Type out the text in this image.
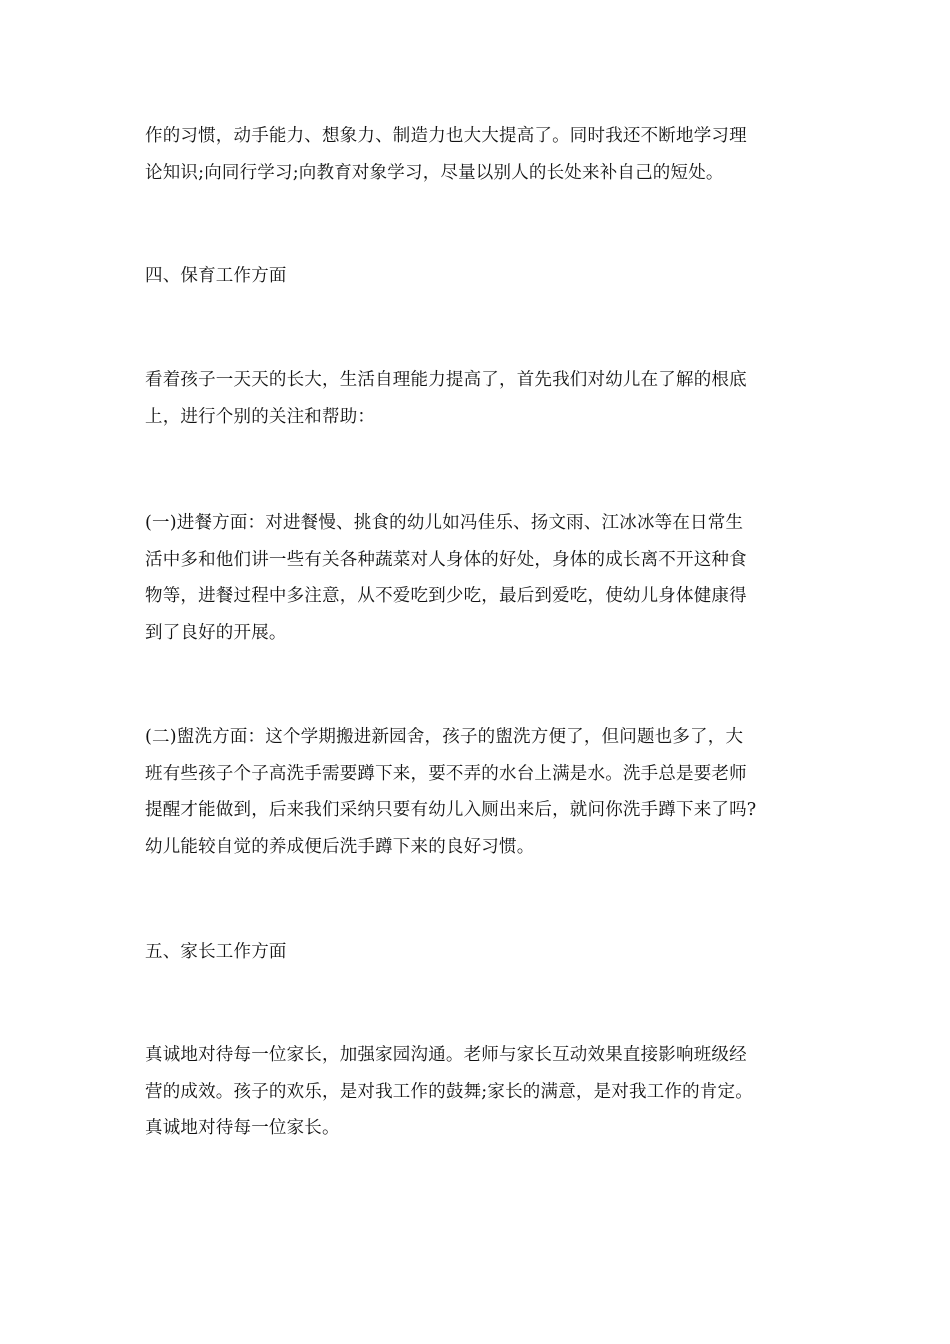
作的习惯，动手能力、想象力、制造力也大大提高了。同时我还不断地学习理
论知识;向同行学习;向教育对象学习，尽量以别人的长处来补自己的短处。

四、保育工作方面

看着孩子一天天的长大，生活自理能力提高了，首先我们对幼儿在了解的根底
上，进行个别的关注和帮助：

(一)进餐方面：对进餐慢、挑食的幼儿如冯佳乐、扬文雨、江冰冰等在日常生
活中多和他们讲一些有关各种蔬菜对人身体的好处，身体的成长离不开这种食
物等，进餐过程中多注意，从不爱吃到少吃，最后到爱吃，使幼儿身体健康得
到了良好的开展。

(二)盥洗方面：这个学期搬进新园舍，孩子的盥洗方便了，但问题也多了，大
班有些孩子个子高洗手需要蹲下来，要不弄的水台上满是水。洗手总是要老师
提醒才能做到，后来我们采纳只要有幼儿入厕出来后，就问你洗手蹲下来了吗?
幼儿能较自觉的养成便后洗手蹲下来的良好习惯。

五、家长工作方面

真诚地对待每一位家长，加强家园沟通。老师与家长互动效果直接影响班级经
营的成效。孩子的欢乐，是对我工作的鼓舞;家长的满意，是对我工作的肯定。
真诚地对待每一位家长。
